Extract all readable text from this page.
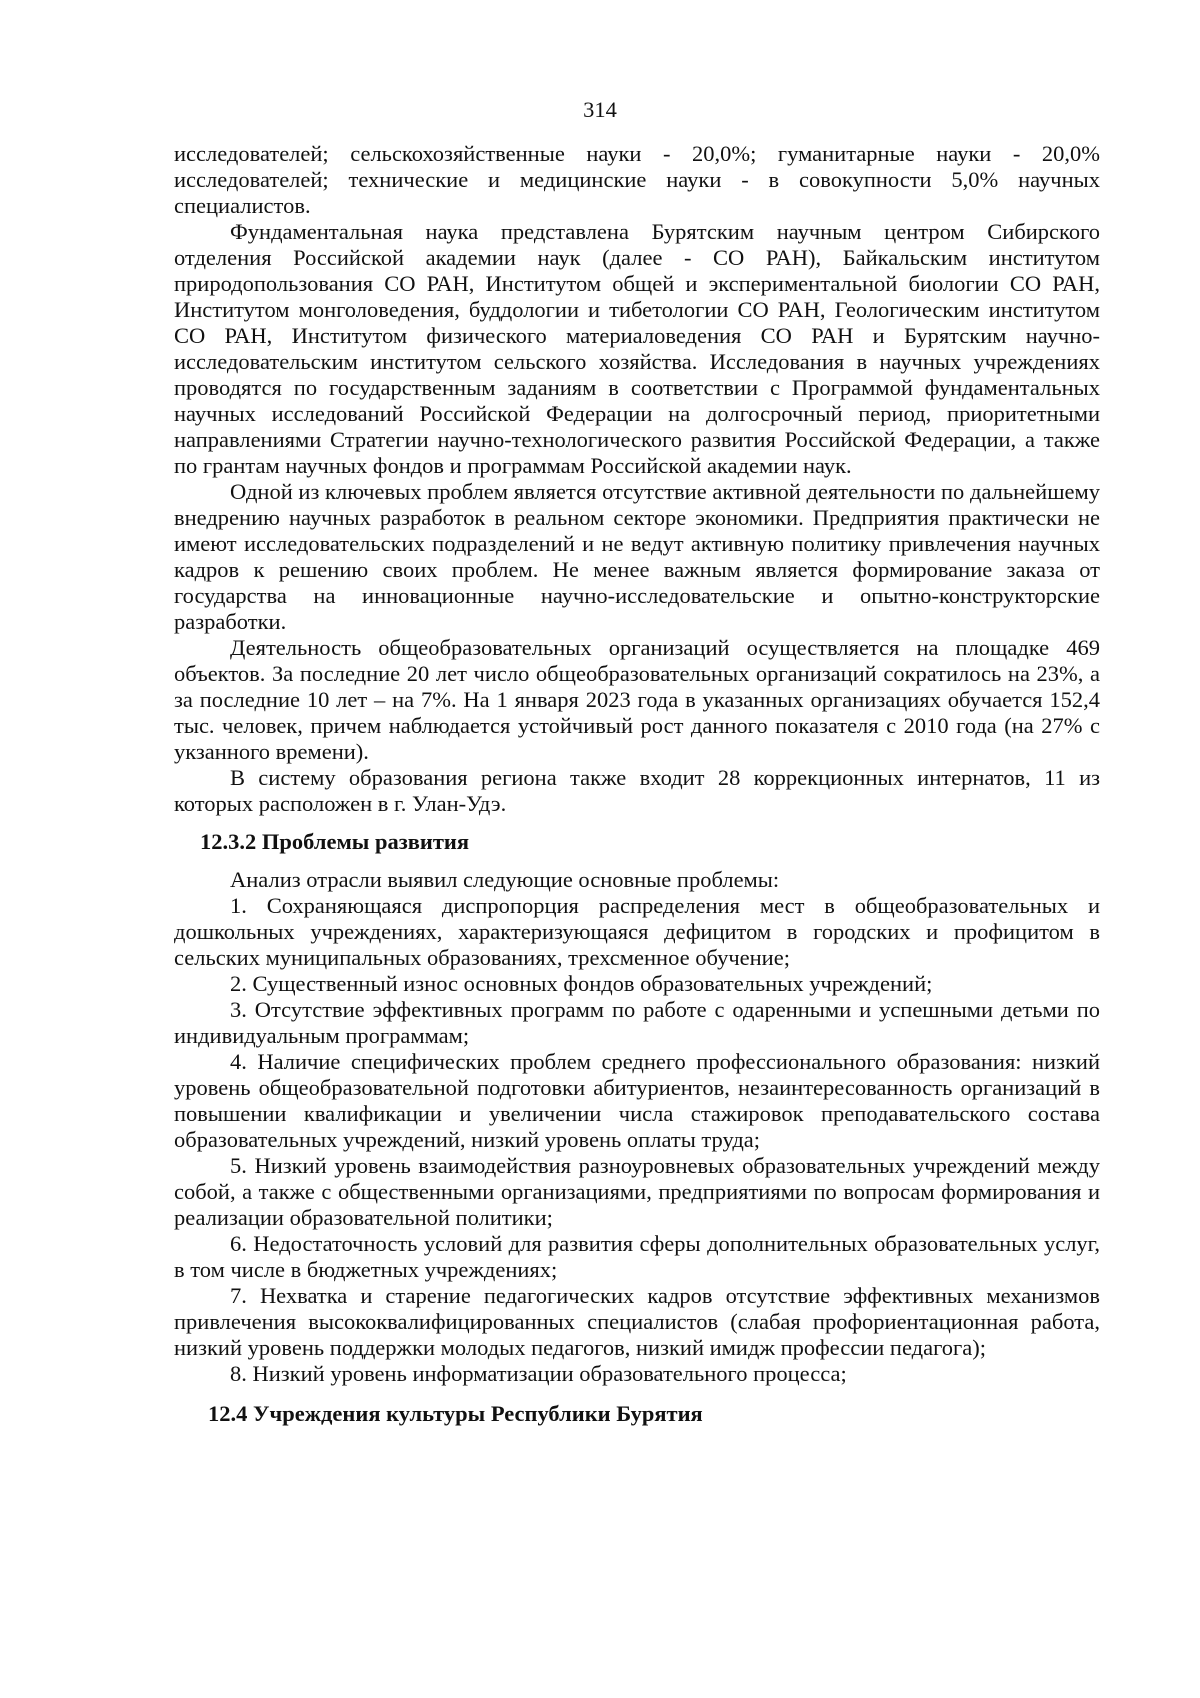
314

исследователей; сельскохозяйственные науки - 20,0%; гуманитарные науки - 20,0% исследователей; технические и медицинские науки - в совокупности 5,0% научных специалистов.

Фундаментальная наука представлена Бурятским научным центром Сибирского отделения Российской академии наук (далее - СО РАН), Байкальским институтом природопользования СО РАН, Институтом общей и экспериментальной биологии СО РАН, Институтом монголоведения, буддологии и тибетологии СО РАН, Геологическим институтом СО РАН, Институтом физического материаловедения СО РАН и Бурятским научно-исследовательским институтом сельского хозяйства. Исследования в научных учреждениях проводятся по государственным заданиям в соответствии с Программой фундаментальных научных исследований Российской Федерации на долгосрочный период, приоритетными направлениями Стратегии научно-технологического развития Российской Федерации, а также по грантам научных фондов и программам Российской академии наук.

Одной из ключевых проблем является отсутствие активной деятельности по дальнейшему внедрению научных разработок в реальном секторе экономики. Предприятия практически не имеют исследовательских подразделений и не ведут активную политику привлечения научных кадров к решению своих проблем. Не менее важным является формирование заказа от государства на инновационные научно-исследовательские и опытно-конструкторские разработки.

Деятельность общеобразовательных организаций осуществляется на площадке 469 объектов. За последние 20 лет число общеобразовательных организаций сократилось на 23%, а за последние 10 лет – на 7%. На 1 января 2023 года в указанных организациях обучается 152,4 тыс. человек, причем наблюдается устойчивый рост данного показателя с 2010 года (на 27% с укзанного времени).

В систему образования региона также входит 28 коррекционных интернатов, 11 из которых расположен в г. Улан-Удэ.

12.3.2 Проблемы развития

Анализ отрасли выявил следующие основные проблемы:

1. Сохраняющаяся диспропорция распределения мест в общеобразовательных и дошкольных учреждениях, характеризующаяся дефицитом в городских и профицитом в сельских муниципальных образованиях, трехсменное обучение;

2. Существенный износ основных фондов образовательных учреждений;

3. Отсутствие эффективных программ по работе с одаренными и успешными детьми по индивидуальным программам;

4. Наличие специфических проблем среднего профессионального образования: низкий уровень общеобразовательной подготовки абитуриентов, незаинтересованность организаций в повышении квалификации и увеличении числа стажировок преподавательского состава образовательных учреждений, низкий уровень оплаты труда;

5. Низкий уровень взаимодействия разноуровневых образовательных учреждений между собой, а также с общественными организациями, предприятиями по вопросам формирования и реализации образовательной политики;

6. Недостаточность условий для развития сферы дополнительных образовательных услуг, в том числе в бюджетных учреждениях;

7. Нехватка и старение педагогических кадров отсутствие эффективных механизмов привлечения высококвалифицированных специалистов (слабая профориентационная работа, низкий уровень поддержки молодых педагогов, низкий имидж профессии педагога);

8. Низкий уровень информатизации образовательного процесса;

12.4 Учреждения культуры Республики Бурятия
